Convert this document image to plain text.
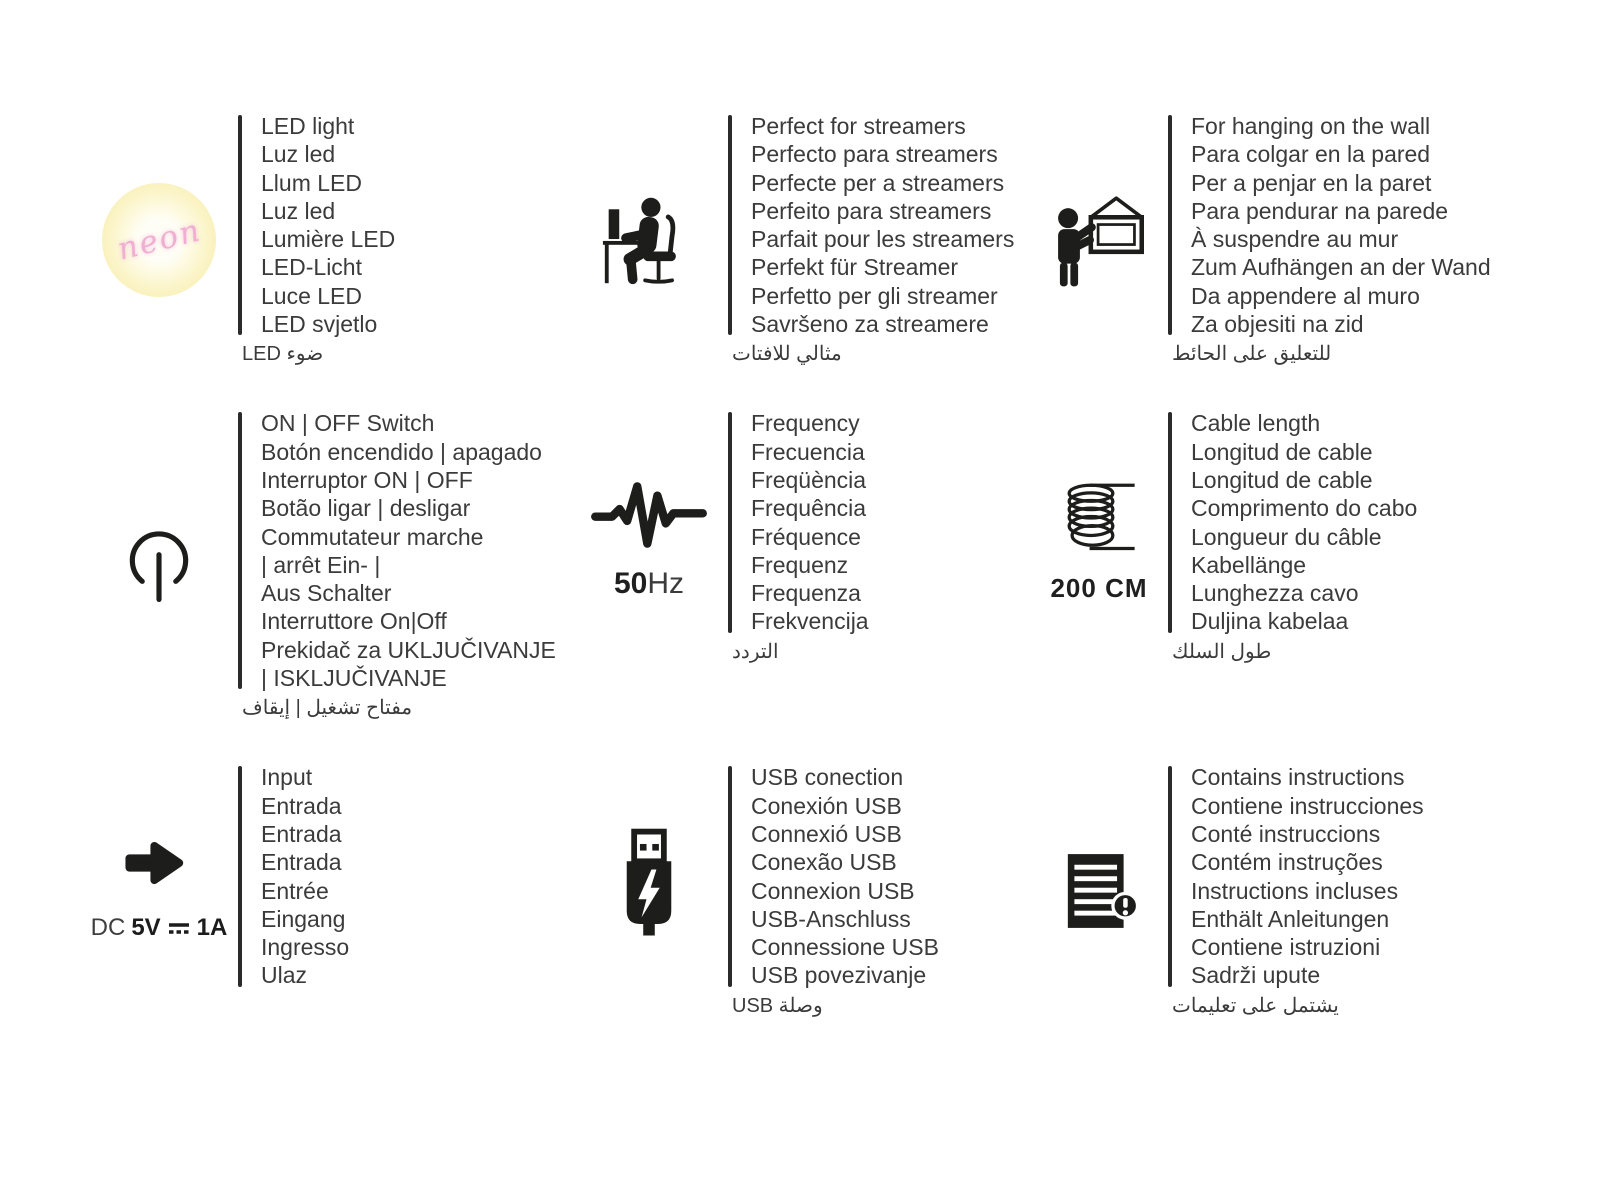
neon
LED light
Luz led
Llum LED
Luz led
Lumière LED
LED-Licht
Luce LED
LED svjetlo
ضوء LED
Perfect for streamers
Perfecto para streamers
Perfecte per a streamers
Perfeito para streamers
Parfait pour les streamers
Perfekt für Streamer
Perfetto per gli streamer
Savršeno za streamere
مثالي للافتات
For hanging on the wall
Para colgar en la pared
Per a penjar en la paret
Para pendurar na parede
À suspendre au mur
Zum Aufhängen an der Wand
Da appendere al muro
Za objesiti na zid
للتعليق على الحائط
ON | OFF Switch
Botón encendido | apagado
Interruptor ON | OFF
Botão ligar | desligar
Commutateur marche
| arrêt Ein- |
Aus Schalter
Interruttore On|Off
Prekidač za UKLJUČIVANJE
| ISKLJUČIVANJE
مفتاح تشغيل | إيقاف
50Hz
Frequency
Frecuencia
Freqüència
Frequência
Fréquence
Frequenz
Frequenza
Frekvencija
التردد
200 CM
Cable length
Longitud de cable
Longitud de cable
Comprimento do cabo
Longueur du câble
Kabellänge
Lunghezza cavo
Duljina kabelaa
طول السلك
DC 5V 1A
Input
Entrada
Entrada
Entrada
Entrée
Eingang
Ingresso
Ulaz
USB conection
Conexión USB
Connexió USB
Conexão USB
Connexion USB
USB-Anschluss
Connessione USB
USB povezivanje
وصلة USB
Contains instructions
Contiene instrucciones
Conté instruccions
Contém instruções
Instructions incluses
Enthält Anleitungen
Contiene istruzioni
Sadrži upute
يشتمل على تعليمات
